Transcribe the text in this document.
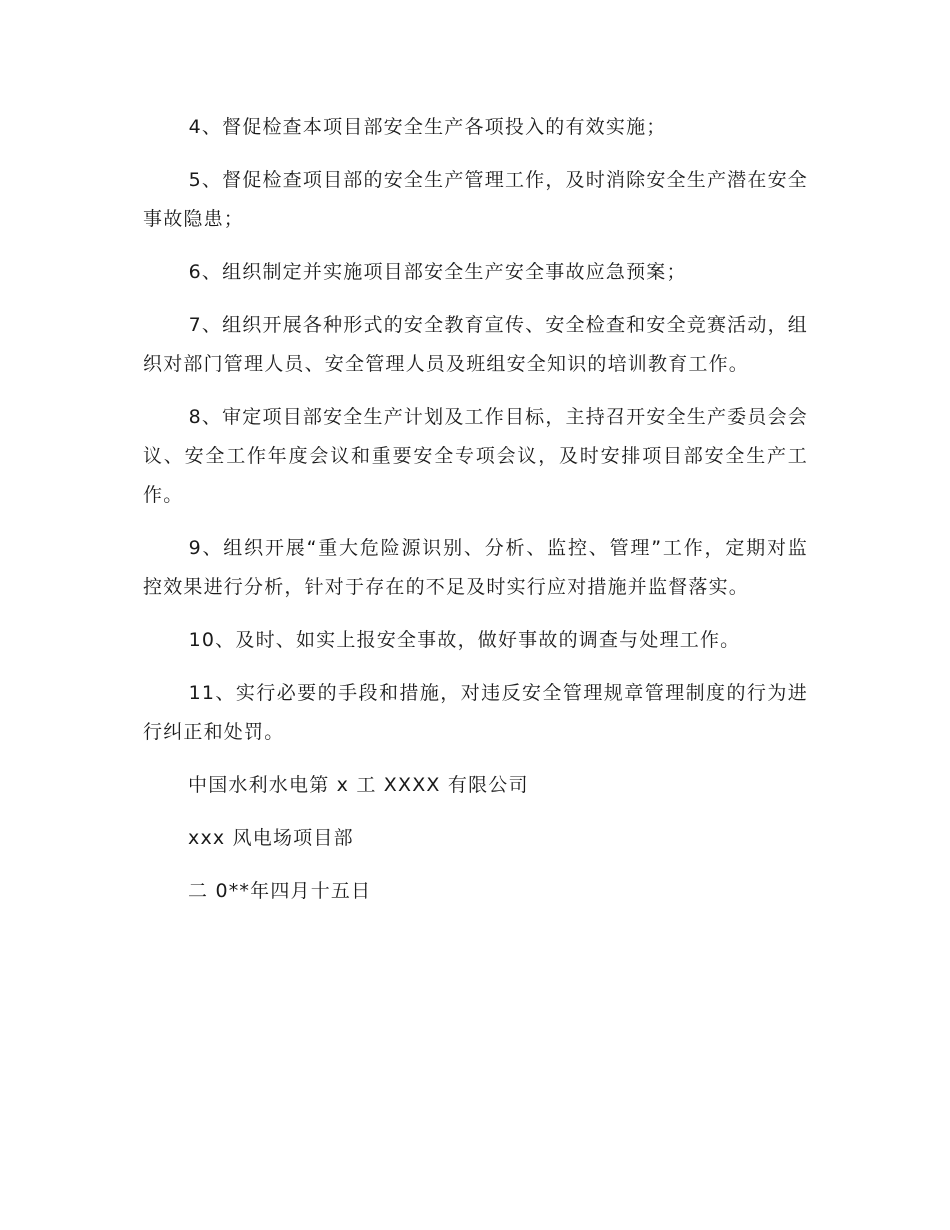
4、督促检查本项目部安全生产各项投入的有效实施；

5、督促检查项目部的安全生产管理工作，及时消除安全生产潜在安全事故隐患；

6、组织制定并实施项目部安全生产安全事故应急预案；

7、组织开展各种形式的安全教育宣传、安全检查和安全竞赛活动，组织对部门管理人员、安全管理人员及班组安全知识的培训教育工作。

8、审定项目部安全生产计划及工作目标，主持召开安全生产委员会会议、安全工作年度会议和重要安全专项会议，及时安排项目部安全生产工作。

9、组织开展“重大危险源识别、分析、监控、管理”工作，定期对监控效果进行分析，针对于存在的不足及时实行应对措施并监督落实。

10、及时、如实上报安全事故，做好事故的调查与处理工作。

11、实行必要的手段和措施，对违反安全管理规章管理制度的行为进行纠正和处罚。

中国水利水电第 x 工 XXXX 有限公司

xxx 风电场项目部

二 0**年四月十五日
